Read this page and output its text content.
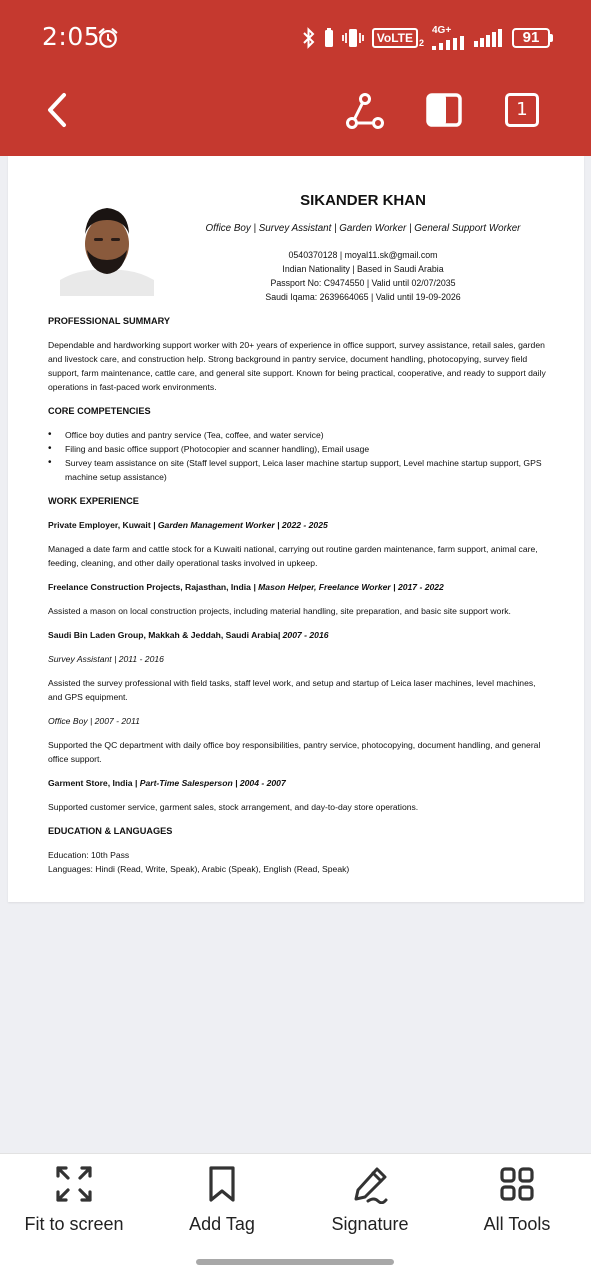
2:05	VoLTE 2
4G+	91
1
SIKANDER KHAN
Office Boy | Survey Assistant | Garden Worker | General Support Worker
0540370128 | moyal11.sk@gmail.com
Indian Nationality | Based in Saudi Arabia
Passport No: C9474550 | Valid until 02/07/2035
Saudi Iqama: 2639664065 | Valid until 19-09-2026
PROFESSIONAL SUMMARY
Dependable and hardworking support worker with 20+ years of experience in office support, survey assistance, retail sales, garden and livestock care, and construction help. Strong background in pantry service, document handling, photocopying, survey field support, farm maintenance, cattle care, and general site support. Known for being practical, cooperative, and ready to support daily operations in fast-paced work environments.
CORE COMPETENCIES
• Office boy duties and pantry service (Tea, coffee, and water service)
• Filing and basic office support (Photocopier and scanner handling), Email usage
• Survey team assistance on site (Staff level support, Leica laser machine startup support, Level machine startup support, GPS machine setup assistance)
WORK EXPERIENCE
Private Employer, Kuwait | Garden Management Worker | 2022 - 2025
Managed a date farm and cattle stock for a Kuwaiti national, carrying out routine garden maintenance, farm support, animal care, feeding, cleaning, and other daily operational tasks involved in upkeep.
Freelance Construction Projects, Rajasthan, India | Mason Helper, Freelance Worker | 2017 - 2022
Assisted a mason on local construction projects, including material handling, site preparation, and basic site support work.
Saudi Bin Laden Group, Makkah & Jeddah, Saudi Arabia| 2007 - 2016
Survey Assistant | 2011 - 2016
Assisted the survey professional with field tasks, staff level work, and setup and startup of Leica laser machines, level machines, and GPS equipment.
Office Boy | 2007 - 2011
Supported the QC department with daily office boy responsibilities, pantry service, photocopying, document handling, and general office support.
Garment Store, India | Part-Time Salesperson | 2004 - 2007
Supported customer service, garment sales, stock arrangement, and day-to-day store operations.
EDUCATION & LANGUAGES
Education: 10th Pass
Languages: Hindi (Read, Write, Speak), Arabic (Speak), English (Read, Speak)
Fit to screen	Add Tag	Signature	All Tools
